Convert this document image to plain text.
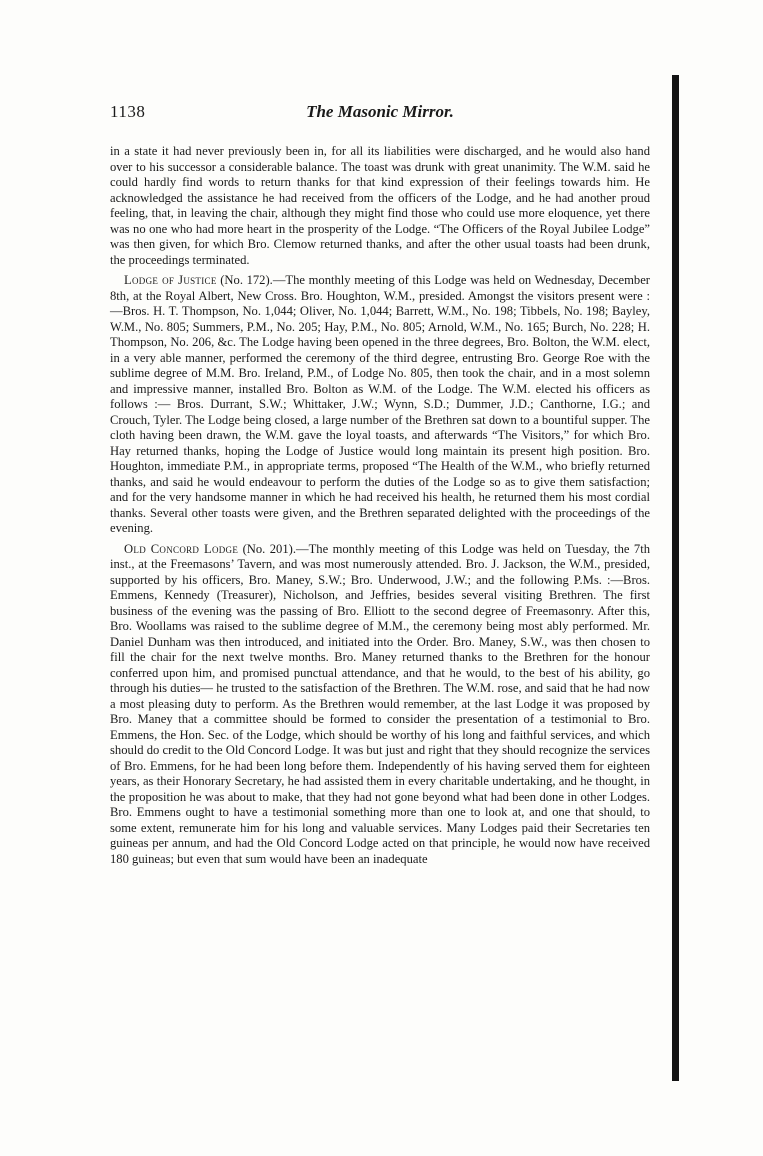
1138	The Masonic Mirror.

in a state it had never previously been in, for all its liabilities were discharged, and he would also hand over to his successor a considerable balance. The toast was drunk with great unanimity. The W.M. said he could hardly find words to return thanks for that kind expression of their feelings towards him. He acknowledged the assistance he had received from the officers of the Lodge, and he had another proud feeling, that, in leaving the chair, although they might find those who could use more eloquence, yet there was no one who had more heart in the prosperity of the Lodge. “The Officers of the Royal Jubilee Lodge” was then given, for which Bro. Clemow returned thanks, and after the other usual toasts had been drunk, the proceedings terminated.

Lodge of Justice (No. 172).—The monthly meeting of this Lodge was held on Wednesday, December 8th, at the Royal Albert, New Cross. Bro. Houghton, W.M., presided. Amongst the visitors present were :—Bros. H. T. Thompson, No. 1,044; Oliver, No. 1,044; Barrett, W.M., No. 198; Tibbels, No. 198; Bayley, W.M., No. 805; Summers, P.M., No. 205; Hay, P.M., No. 805; Arnold, W.M., No. 165; Burch, No. 228; H. Thompson, No. 206, &c. The Lodge having been opened in the three degrees, Bro. Bolton, the W.M. elect, in a very able manner, performed the ceremony of the third degree, entrusting Bro. George Roe with the sublime degree of M.M. Bro. Ireland, P.M., of Lodge No. 805, then took the chair, and in a most solemn and impressive manner, installed Bro. Bolton as W.M. of the Lodge. The W.M. elected his officers as follows :— Bros. Durrant, S.W.; Whittaker, J.W.; Wynn, S.D.; Dummer, J.D.; Canthorne, I.G.; and Crouch, Tyler. The Lodge being closed, a large number of the Brethren sat down to a bountiful supper. The cloth having been drawn, the W.M. gave the loyal toasts, and afterwards “The Visitors,” for which Bro. Hay returned thanks, hoping the Lodge of Justice would long maintain its present high position. Bro. Houghton, immediate P.M., in appropriate terms, proposed “The Health of the W.M., who briefly returned thanks, and said he would endeavour to perform the duties of the Lodge so as to give them satisfaction; and for the very handsome manner in which he had received his health, he returned them his most cordial thanks. Several other toasts were given, and the Brethren separated delighted with the proceedings of the evening.

Old Concord Lodge (No. 201).—The monthly meeting of this Lodge was held on Tuesday, the 7th inst., at the Freemasons’ Tavern, and was most numerously attended. Bro. J. Jackson, the W.M., presided, supported by his officers, Bro. Maney, S.W.; Bro. Underwood, J.W.; and the following P.Ms. :—Bros. Emmens, Kennedy (Treasurer), Nicholson, and Jeffries, besides several visiting Brethren. The first business of the evening was the passing of Bro. Elliott to the second degree of Freemasonry. After this, Bro. Woollams was raised to the sublime degree of M.M., the ceremony being most ably performed. Mr. Daniel Dunham was then introduced, and initiated into the Order. Bro. Maney, S.W., was then chosen to fill the chair for the next twelve months. Bro. Maney returned thanks to the Brethren for the honour conferred upon him, and promised punctual attendance, and that he would, to the best of his ability, go through his duties— he trusted to the satisfaction of the Brethren. The W.M. rose, and said that he had now a most pleasing duty to perform. As the Brethren would remember, at the last Lodge it was proposed by Bro. Maney that a committee should be formed to consider the presentation of a testimonial to Bro. Emmens, the Hon. Sec. of the Lodge, which should be worthy of his long and faithful services, and which should do credit to the Old Concord Lodge. It was but just and right that they should recognize the services of Bro. Emmens, for he had been long before them. Independently of his having served them for eighteen years, as their Honorary Secretary, he had assisted them in every charitable undertaking, and he thought, in the proposition he was about to make, that they had not gone beyond what had been done in other Lodges. Bro. Emmens ought to have a testimonial something more than one to look at, and one that should, to some extent, remunerate him for his long and valuable services. Many Lodges paid their Secretaries ten guineas per annum, and had the Old Concord Lodge acted on that principle, he would now have received 180 guineas; but even that sum would have been an inadequate
